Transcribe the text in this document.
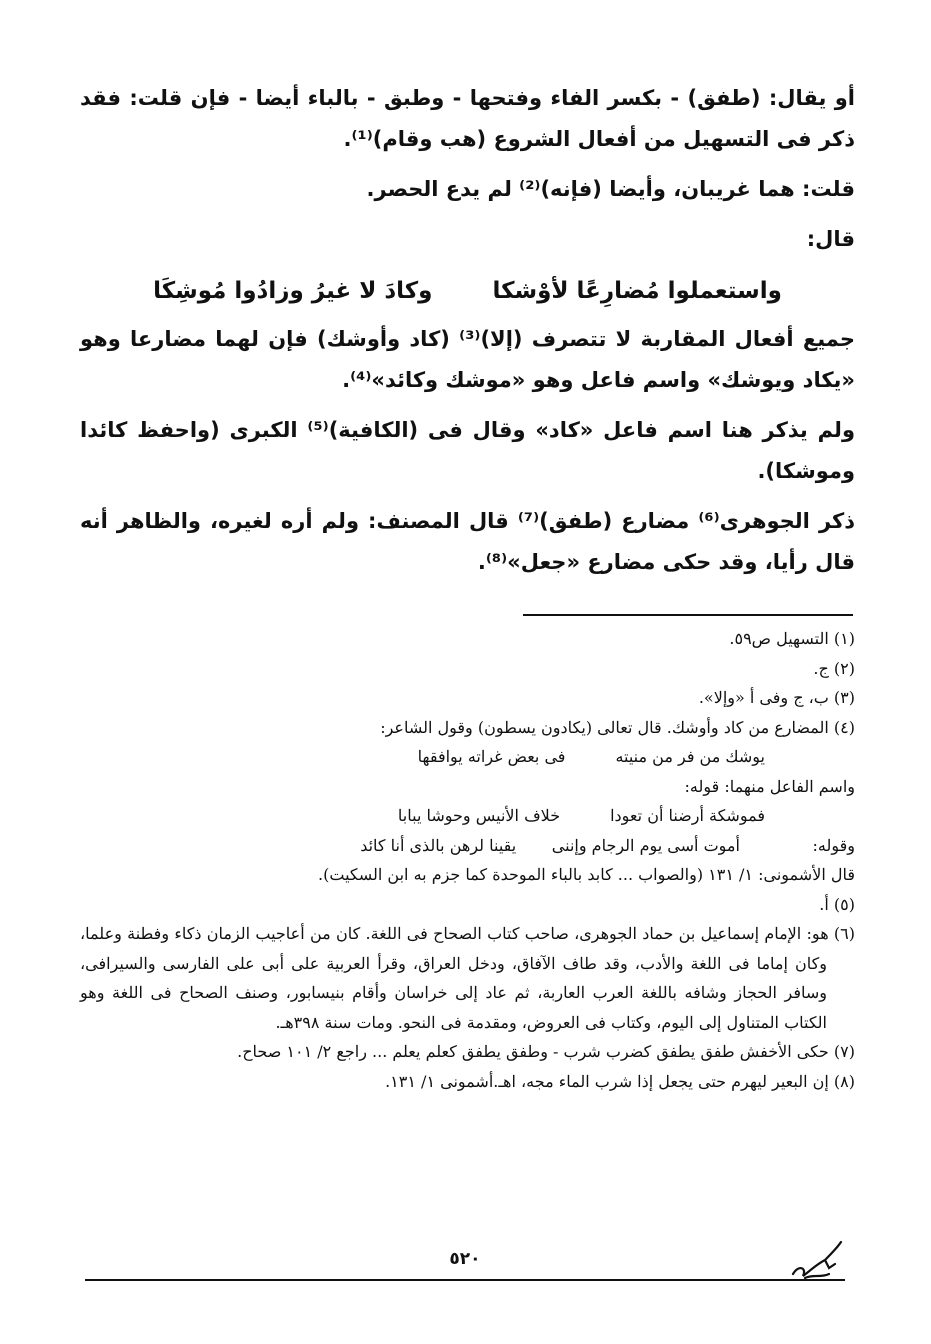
أو يقال: (طفق) - بكسر الفاء وفتحها - وطبق - بالباء أيضا - فإن قلت: فقد ذكر فى التسهيل من أفعال الشروع (هب وقام)⁽¹⁾.

قلت: هما غريبان، وأيضا (فإنه)⁽²⁾ لم يدع الحصر.

قال:

واستعملوا مُضارِعًا لأوْشكا
وكادَ لا غيرُ وزادُوا مُوشِكَا

جميع أفعال المقاربة لا تتصرف (إلا)⁽³⁾ (كاد وأوشك) فإن لهما مضارعا وهو «يكاد ويوشك» واسم فاعل وهو «موشك وكائد»⁽⁴⁾.

ولم يذكر هنا اسم فاعل «كاد» وقال فى (الكافية)⁽⁵⁾ الكبرى (واحفظ كائدا وموشكا).

ذكر الجوهرى⁽⁶⁾ مضارع (طفق)⁽⁷⁾ قال المصنف: ولم أره لغيره، والظاهر أنه قال رأيا، وقد حكى مضارع «جعل»⁽⁸⁾.

(١) التسهيل ص٥٩.

(٢) ج.

(٣) ب، ج وفى أ «وإلا».

(٤) المضارع من كاد وأوشك. قال تعالى (يكادون يسطون) وقول الشاعر:

يوشك من فر من منيته
فى بعض غراته يوافقها

واسم الفاعل منهما: قوله:

فموشكة أرضنا أن تعودا
خلاف الأنيس وحوشا يبابا

وقوله: أموت أسى يوم الرجام وإننى       يقينا لرهن بالذى أنا كائد

قال الأشمونى: ١/ ١٣١ (والصواب ... كابد بالباء الموحدة كما جزم به ابن السكيت).

(٥) أ.

(٦) هو: الإمام إسماعيل بن حماد الجوهرى، صاحب كتاب الصحاح فى اللغة. كان من أعاجيب الزمان ذكاء وفطنة وعلما، وكان إماما فى اللغة والأدب، وقد طاف الآفاق، ودخل العراق، وقرأ العربية على أبى على الفارسى والسيرافى، وسافر الحجاز وشافه باللغة العرب العاربة، ثم عاد إلى خراسان وأقام بنيسابور، وصنف الصحاح فى اللغة وهو الكتاب المتناول إلى اليوم، وكتاب فى العروض، ومقدمة فى النحو. ومات سنة ٣٩٨هـ.

(٧) حكى الأخفش طفق يطفق كضرب شرب - وطفق يطفق كعلم يعلم ... راجع ٢/ ١٠١ صحاح.

(٨) إن البعير ليهرم حتى يجعل إذا شرب الماء مجه، اهـ.أشمونى ١/ ١٣١.

٥٢٠
